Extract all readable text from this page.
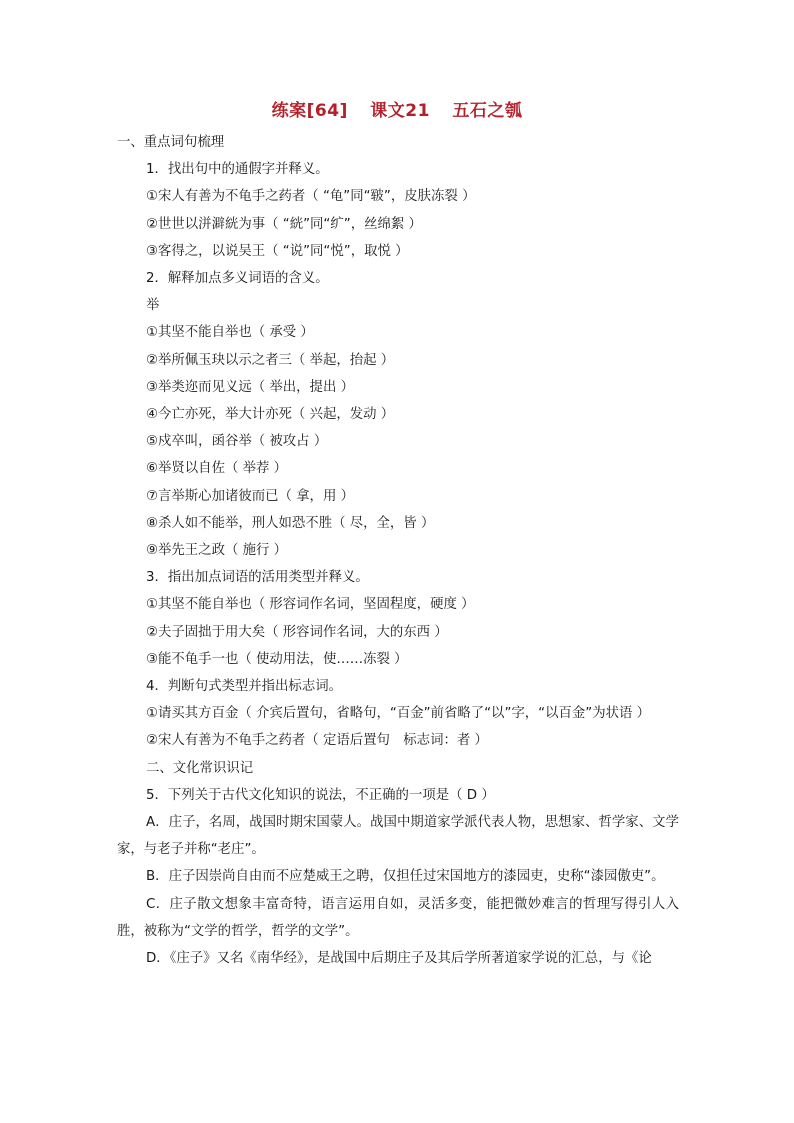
练案[64] 课文21 五石之瓠

一、重点词句梳理

1．找出句中的通假字并释义。

①宋人有善为不龟手之药者（ “龟”同“皲”，皮肤冻裂 ）

②世世以洴澼絖为事（ “絖”同“纩”，丝绵絮 ）

③客得之，以说吴王（ “说”同“悦”，取悦 ）

2．解释加点多义词语的含义。

举

①其坚不能自举也（ 承受 ）

②举所佩玉玦以示之者三（ 举起，抬起 ）

③举类迩而见义远（ 举出，提出 ）

④今亡亦死，举大计亦死（ 兴起，发动 ）

⑤戍卒叫，函谷举（ 被攻占 ）

⑥举贤以自佐（ 举荐 ）

⑦言举斯心加诸彼而已（ 拿，用 ）

⑧杀人如不能举，刑人如恐不胜（ 尽，全，皆 ）

⑨举先王之政（ 施行 ）

3．指出加点词语的活用类型并释义。

①其坚不能自举也（ 形容词作名词，坚固程度，硬度 ）

②夫子固拙于用大矣（ 形容词作名词，大的东西 ）

③能不龟手一也（ 使动用法，使……冻裂 ）

4．判断句式类型并指出标志词。

①请买其方百金（ 介宾后置句，省略句，“百金”前省略了“以”字，“以百金”为状语 ）

②宋人有善为不龟手之药者（ 定语后置句　标志词：者 ）

二、文化常识识记

5．下列关于古代文化知识的说法，不正确的一项是（ D ）

A．庄子，名周，战国时期宋国蒙人。战国中期道家学派代表人物，思想家、哲学家、文学家，与老子并称“老庄”。

B．庄子因崇尚自由而不应楚威王之聘，仅担任过宋国地方的漆园吏，史称“漆园傲吏”。

C．庄子散文想象丰富奇特，语言运用自如，灵活多变，能把微妙难言的哲理写得引人入胜，被称为“文学的哲学，哲学的文学”。

D．《庄子》又名《南华经》，是战国中后期庄子及其后学所著道家学说的汇总，与《论
